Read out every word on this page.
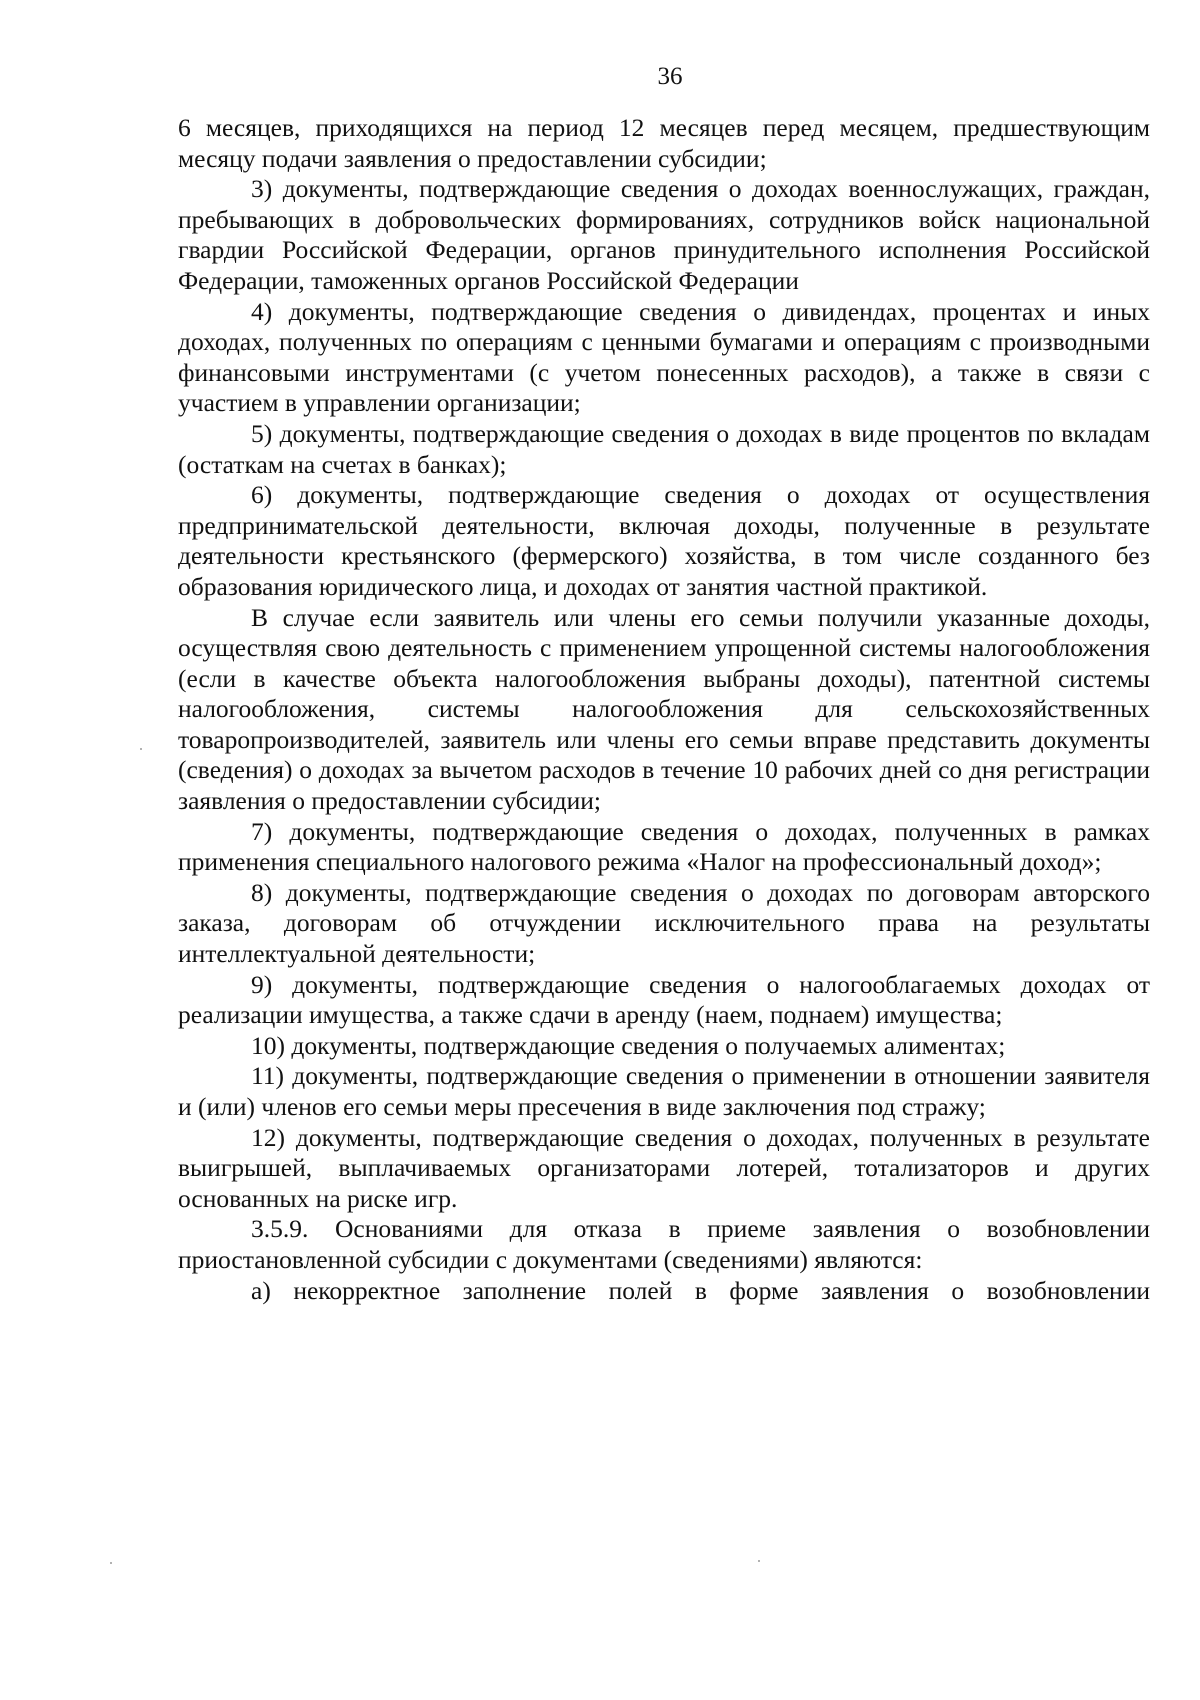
36

6 месяцев, приходящихся на период 12 месяцев перед месяцем, предшествующим месяцу подачи заявления о предоставлении субсидии;

3) документы, подтверждающие сведения о доходах военнослужащих, граждан, пребывающих в добровольческих формированиях, сотрудников войск национальной гвардии Российской Федерации, органов принудительного исполнения Российской Федерации, таможенных органов Российской Федерации

4) документы, подтверждающие сведения о дивидендах, процентах и иных доходах, полученных по операциям с ценными бумагами и операциям с производными финансовыми инструментами (с учетом понесенных расходов), а также в связи с участием в управлении организации;

5) документы, подтверждающие сведения о доходах в виде процентов по вкладам (остаткам на счетах в банках);

6) документы, подтверждающие сведения о доходах от осуществления предпринимательской деятельности, включая доходы, полученные в результате деятельности крестьянского (фермерского) хозяйства, в том числе созданного без образования юридического лица, и доходах от занятия частной практикой.

В случае если заявитель или члены его семьи получили указанные доходы, осуществляя свою деятельность с применением упрощенной системы налогообложения (если в качестве объекта налогообложения выбраны доходы), патентной системы налогообложения, системы налогообложения для сельскохозяйственных товаропроизводителей, заявитель или члены его семьи вправе представить документы (сведения) о доходах за вычетом расходов в течение 10 рабочих дней со дня регистрации заявления о предоставлении субсидии;

7) документы, подтверждающие сведения о доходах, полученных в рамках применения специального налогового режима «Налог на профессиональный доход»;

8) документы, подтверждающие сведения о доходах по договорам авторского заказа, договорам об отчуждении исключительного права на результаты интеллектуальной деятельности;

9) документы, подтверждающие сведения о налогооблагаемых доходах от реализации имущества, а также сдачи в аренду (наем, поднаем) имущества;

10) документы, подтверждающие сведения о получаемых алиментах;

11) документы, подтверждающие сведения о применении в отношении заявителя и (или) членов его семьи меры пресечения в виде заключения под стражу;

12) документы, подтверждающие сведения о доходах, полученных в результате выигрышей, выплачиваемых организаторами лотерей, тотализаторов и других основанных на риске игр.

3.5.9. Основаниями для отказа в приеме заявления о возобновлении приостановленной субсидии с документами (сведениями) являются:

а) некорректное заполнение полей в форме заявления о возобновлении
